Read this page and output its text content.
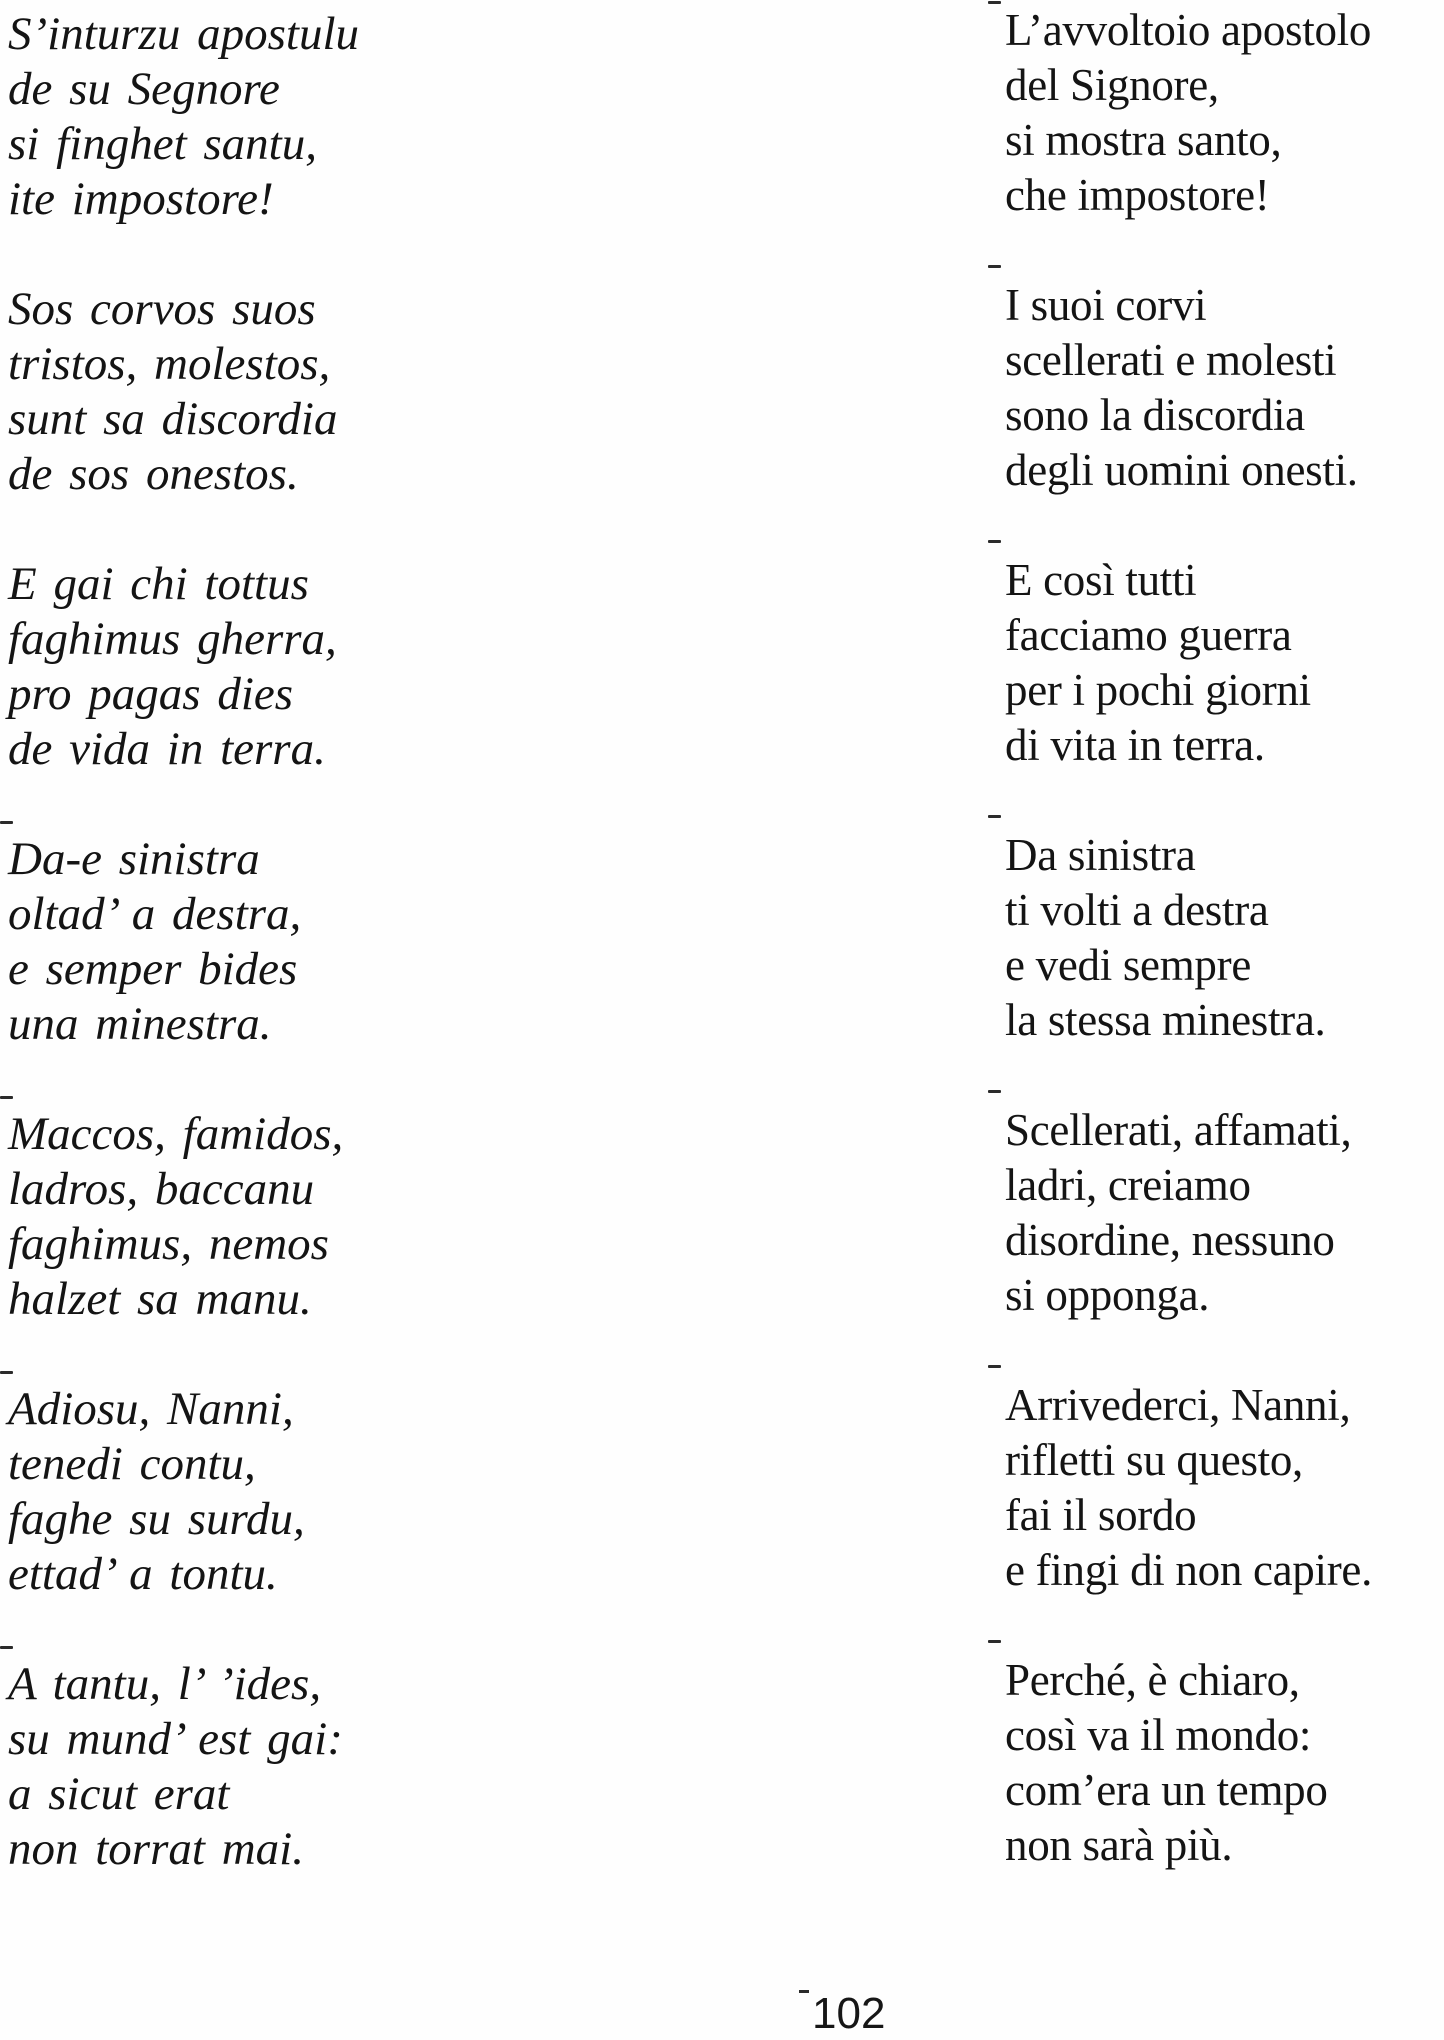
S’inturzu apostulu

de su Segnore

si finghet santu,

ite impostore!

Sos corvos suos

tristos, molestos,

sunt sa discordia

de sos onestos.

E gai chi tottus

faghimus gherra,

pro pagas dies

de vida in terra.

Da-e sinistra

oltad’ a destra,

e semper bides

una minestra.

Maccos, famidos,

ladros, baccanu

faghimus, nemos

halzet sa manu.

Adiosu, Nanni,

tenedi contu,

faghe su surdu,

ettad’ a tontu.

A tantu, l’ ’ides,

su mund’ est gai:

a sicut erat

non torrat mai.

L’avvoltoio apostolo

del Signore,

si mostra santo,

che impostore!

I suoi corvi

scellerati e molesti

sono la discordia

degli uomini onesti.

E così tutti

facciamo guerra

per i pochi giorni

di vita in terra.

Da sinistra

ti volti a destra

e vedi sempre

la stessa minestra.

Scellerati, affamati,

ladri, creiamo

disordine, nessuno

si opponga.

Arrivederci, Nanni,

rifletti su questo,

fai il sordo

e fingi di non capire.

Perché, è chiaro,

così va il mondo:

com’era un tempo

non sarà più.

102
